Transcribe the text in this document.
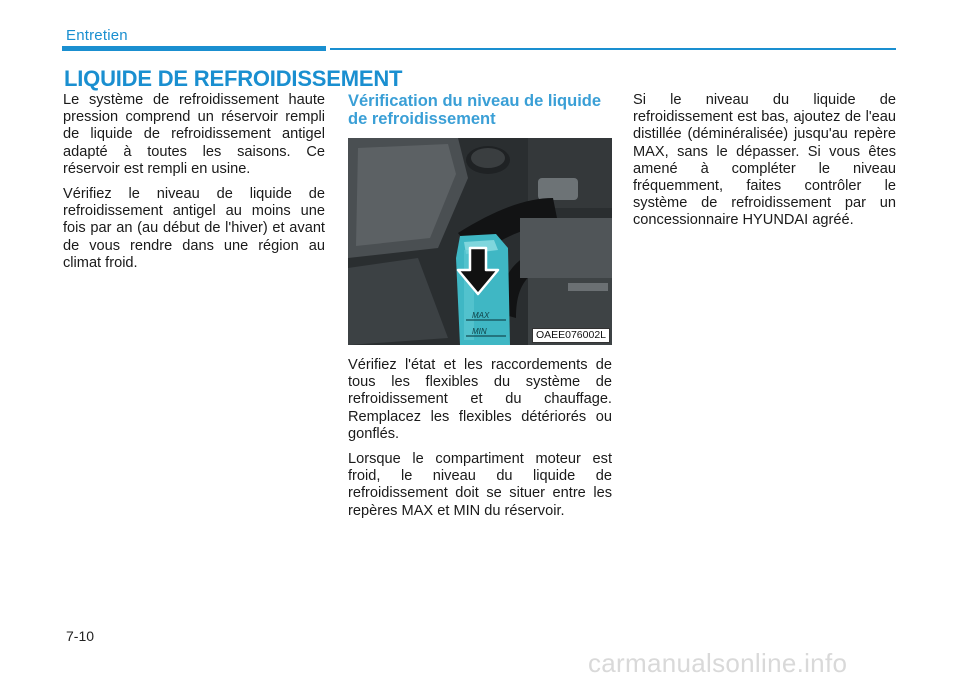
Entretien
LIQUIDE DE REFROIDISSEMENT

Le système de refroidissement haute pression comprend un réservoir rempli de liquide de refroidissement antigel adapté à toutes les saisons. Ce réservoir est rempli en usine.

Vérifiez le niveau de liquide de refroidissement antigel au moins une fois par an (au début de l'hiver) et avant de vous rendre dans une région au climat froid.

Vérification du niveau de liquide de refroidissement
MAX
MIN	OAEE076002L

Vérifiez l'état et les raccordements de tous les flexibles du système de refroidissement et du chauffage. Remplacez les flexibles détériorés ou gonflés.

Lorsque le compartiment moteur est froid, le niveau du liquide de refroidissement doit se situer entre les repères MAX et MIN du réservoir.

Si le niveau du liquide de refroidissement est bas, ajoutez de l'eau distillée (déminéralisée) jusqu'au repère MAX, sans le dépasser. Si vous êtes amené à compléter le niveau fréquemment, faites contrôler le système de refroidissement par un concessionnaire HYUNDAI agréé.

7-10
carmanualsonline.info
